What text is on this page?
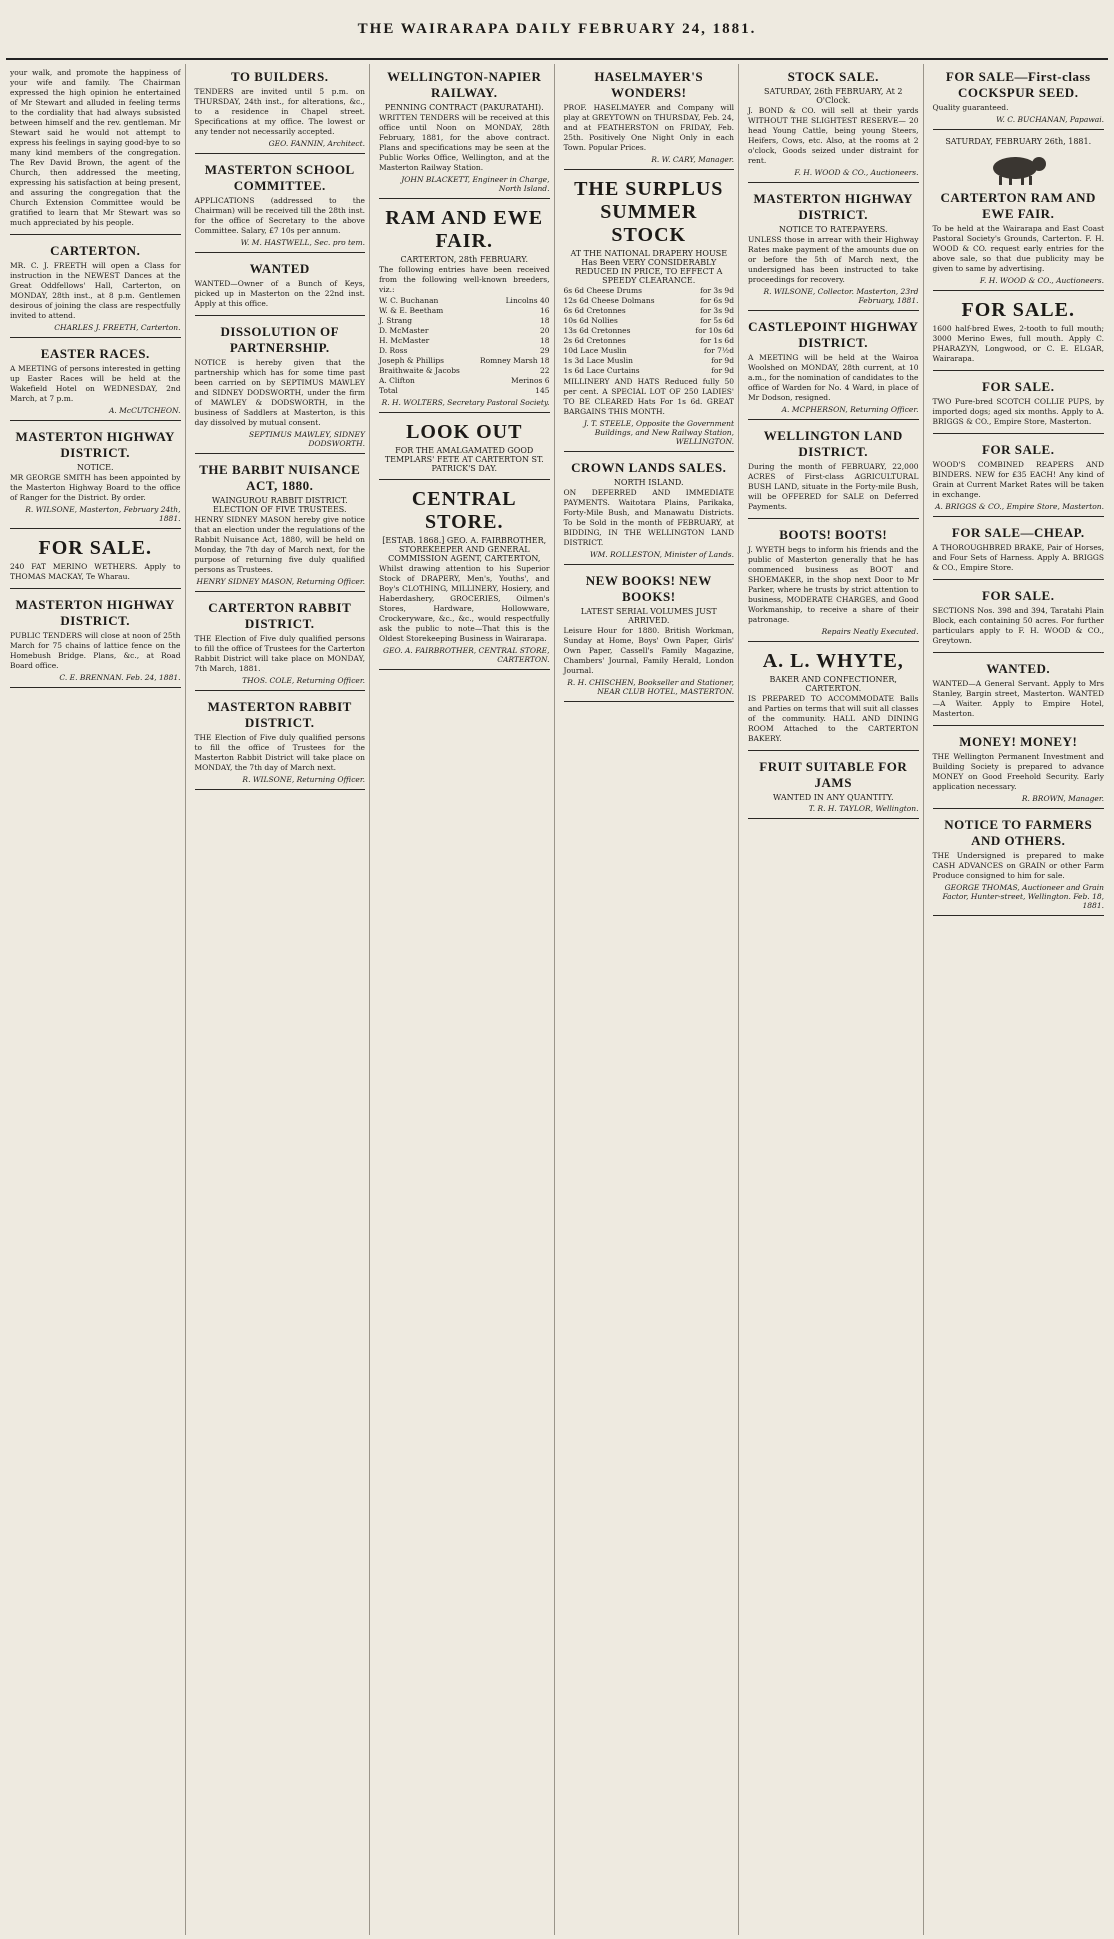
THE WAIRARAPA DAILY FEBRUARY 24, 1881.
your walk, and promote the happiness of your wife and family. The Chairman expressed the high opinion he entertained of Mr Stewart and alluded in feeling terms to the cordiality that had always subsisted between himself and the rev. gentleman. Mr Stewart said he would not attempt to express his feelings in saying good-bye to so many kind members of the congregation. The Rev David Brown, the agent of the Church, then addressed the meeting, expressing his satisfaction at being present, and assuring the congregation that the Church Extension Committee would be gratified to learn that Mr Stewart was so much appreciated by his people.
CARTERTON.
MR. C. J. FREETH will open a Class for instruction in the NEWEST Dances at the Great Oddfellows' Hall, Carterton, on MONDAY, 28th inst., at 8 p.m. Gentlemen desirous of joining the class are respectfully invited to attend.
CHARLES J. FREETH, Carterton.
EASTER RACES.
A MEETING of persons interested in getting up Easter Races will be held at the Wakefield Hotel on WEDNESDAY, 2nd March, at 7 p.m.
A. McCUTCHEON.
MASTERTON HIGHWAY DISTRICT.
NOTICE.
MR GEORGE SMITH has been appointed by the Masterton Highway Board to the office of Ranger for the District. By order.
R. WILSONE, Masterton, February 24th, 1881.
FOR SALE.
240 FAT MERINO WETHERS. Apply to THOMAS MACKAY, Te Wharau.
MASTERTON HIGHWAY DISTRICT.
PUBLIC TENDERS will close at noon of 25th March for 75 chains of lattice fence on the Homebush Bridge. Plans, &c., at Road Board office.
C. E. BRENNAN. Feb. 24, 1881.
TO BUILDERS.
TENDERS are invited until 5 p.m. on THURSDAY, 24th inst., for alterations, &c., to a residence in Chapel street. Specifications at my office. The lowest or any tender not necessarily accepted.
GEO. FANNIN, Architect.
MASTERTON SCHOOL COMMITTEE.
APPLICATIONS (addressed to the Chairman) will be received till the 28th inst. for the office of Secretary to the above Committee. Salary, £7 10s per annum.
W. M. HASTWELL, Sec. pro tem.
WANTED
WANTED—Owner of a Bunch of Keys, picked up in Masterton on the 22nd inst. Apply at this office.
DISSOLUTION OF PARTNERSHIP.
NOTICE is hereby given that the partnership which has for some time past been carried on by SEPTIMUS MAWLEY and SIDNEY DODSWORTH, under the firm of MAWLEY & DODSWORTH, in the business of Saddlers at Masterton, is this day dissolved by mutual consent.
SEPTIMUS MAWLEY, SIDNEY DODSWORTH.
THE BARBIT NUISANCE ACT, 1880.
WAINGUROU RABBIT DISTRICT. ELECTION OF FIVE TRUSTEES.
HENRY SIDNEY MASON hereby give notice that an election under the regulations of the Rabbit Nuisance Act, 1880, will be held on Monday, the 7th day of March next, for the purpose of returning five duly qualified persons as Trustees.
HENRY SIDNEY MASON, Returning Officer.
CARTERTON RABBIT DISTRICT.
THE Election of Five duly qualified persons to fill the office of Trustees for the Carterton Rabbit District will take place on MONDAY, 7th March, 1881.
THOS. COLE, Returning Officer.
MASTERTON RABBIT DISTRICT.
THE Election of Five duly qualified persons to fill the office of Trustees for the Masterton Rabbit District will take place on MONDAY, the 7th day of March next.
R. WILSONE, Returning Officer.
WELLINGTON-NAPIER RAILWAY.
PENNING CONTRACT (PAKURATAHI).
WRITTEN TENDERS will be received at this office until Noon on MONDAY, 28th February, 1881, for the above contract. Plans and specifications may be seen at the Public Works Office, Wellington, and at the Masterton Railway Station.
JOHN BLACKETT, Engineer in Charge, North Island.
RAM AND EWE FAIR.
CARTERTON, 28th FEBRUARY.
The following entries have been received from the following well-known breeders, viz.:
W. C. Buchanan	Lincolns 40
W. & E. Beetham	16
J. Strang	18
D. McMaster	20
H. McMaster	18
D. Ross	29
Joseph & Phillips	Romney Marsh 18
Braithwaite & Jacobs	22
A. Clifton	Merinos 6
Total	145
R. H. WOLTERS, Secretary Pastoral Society.
LOOK OUT
FOR THE AMALGAMATED GOOD TEMPLARS' FETE AT CARTERTON ST. PATRICK'S DAY.
CENTRAL STORE.
[ESTAB. 1868.] GEO. A. FAIRBROTHER, STOREKEEPER AND GENERAL COMMISSION AGENT, CARTERTON,
Whilst drawing attention to his Superior Stock of DRAPERY, Men's, Youths', and Boy's CLOTHING, MILLINERY, Hosiery, and Haberdashery, GROCERIES, Oilmen's Stores, Hardware, Hollowware, Crockeryware, &c., &c., would respectfully ask the public to note—That this is the Oldest Storekeeping Business in Wairarapa.
GEO. A. FAIRBROTHER, CENTRAL STORE, CARTERTON.
HASELMAYER'S WONDERS!
PROF. HASELMAYER and Company will play at GREYTOWN on THURSDAY, Feb. 24, and at FEATHERSTON on FRIDAY, Feb. 25th. Positively One Night Only in each Town. Popular Prices.
R. W. CARY, Manager.
THE SURPLUS SUMMER STOCK
AT THE NATIONAL DRAPERY HOUSE Has Been VERY CONSIDERABLY REDUCED IN PRICE, TO EFFECT A SPEEDY CLEARANCE.
6s 6d Cheese Drums	for 3s 9d
12s 6d Cheese Dolmans	for 6s 9d
6s 6d Cretonnes	for 3s 9d
10s 6d Nollies	for 5s 6d
13s 6d Cretonnes	for 10s 6d
2s 6d Cretonnes	for 1s 6d
10d Lace Muslin	for 7½d
1s 3d Lace Muslin	for 9d
1s 6d Lace Curtains	for 9d
MILLINERY AND HATS Reduced fully 50 per cent. A SPECIAL LOT OF 250 LADIES' TO BE CLEARED Hats For 1s 6d. GREAT BARGAINS THIS MONTH.
J. T. STEELE, Opposite the Government Buildings, and New Railway Station, WELLINGTON.
CROWN LANDS SALES.
NORTH ISLAND.
ON DEFERRED AND IMMEDIATE PAYMENTS. Waitotara Plains, Parikaka, Forty-Mile Bush, and Manawatu Districts. To be Sold in the month of FEBRUARY, at BIDDING, IN THE WELLINGTON LAND DISTRICT.
WM. ROLLESTON, Minister of Lands.
NEW BOOKS! NEW BOOKS!
LATEST SERIAL VOLUMES JUST ARRIVED.
Leisure Hour for 1880. British Workman, Sunday at Home, Boys' Own Paper, Girls' Own Paper, Cassell's Family Magazine, Chambers' Journal, Family Herald, London Journal.
R. H. CHISCHEN, Bookseller and Stationer, NEAR CLUB HOTEL, MASTERTON.
STOCK SALE.
SATURDAY, 26th FEBRUARY, At 2 O'Clock.
J. BOND & CO. will sell at their yards WITHOUT THE SLIGHTEST RESERVE— 20 head Young Cattle, being young Steers, Heifers, Cows, etc. Also, at the rooms at 2 o'clock, Goods seized under distraint for rent.
F. H. WOOD & CO., Auctioneers.
MASTERTON HIGHWAY DISTRICT.
NOTICE TO RATEPAYERS.
UNLESS those in arrear with their Highway Rates make payment of the amounts due on or before the 5th of March next, the undersigned has been instructed to take proceedings for recovery.
R. WILSONE, Collector. Masterton, 23rd February, 1881.
CASTLEPOINT HIGHWAY DISTRICT.
A MEETING will be held at the Wairoa Woolshed on MONDAY, 28th current, at 10 a.m., for the nomination of candidates to the office of Warden for No. 4 Ward, in place of Mr Dodson, resigned.
A. MCPHERSON, Returning Officer.
WELLINGTON LAND DISTRICT.
During the month of FEBRUARY, 22,000 ACRES of First-class AGRICULTURAL BUSH LAND, situate in the Forty-mile Bush, will be OFFERED for SALE on Deferred Payments.
BOOTS! BOOTS!
J. WYETH begs to inform his friends and the public of Masterton generally that he has commenced business as BOOT and SHOEMAKER, in the shop next Door to Mr Parker, where he trusts by strict attention to business, MODERATE CHARGES, and Good Workmanship, to receive a share of their patronage.
Repairs Neatly Executed.
A. L. WHYTE,
BAKER AND CONFECTIONER, CARTERTON.
IS PREPARED TO ACCOMMODATE Balls and Parties on terms that will suit all classes of the community. HALL AND DINING ROOM Attached to the CARTERTON BAKERY.
FRUIT SUITABLE FOR JAMS
WANTED IN ANY QUANTITY.
T. R. H. TAYLOR, Wellington.
FOR SALE—First-class COCKSPUR SEED.
Quality guaranteed.
W. C. BUCHANAN, Papawai.
SATURDAY, FEBRUARY 26th, 1881.
CARTERTON RAM AND EWE FAIR.
To be held at the Wairarapa and East Coast Pastoral Society's Grounds, Carterton. F. H. WOOD & CO. request early entries for the above sale, so that due publicity may be given to same by advertising.
F. H. WOOD & CO., Auctioneers.
FOR SALE.
1600 half-bred Ewes, 2-tooth to full mouth; 3000 Merino Ewes, full mouth. Apply C. PHARAZYN, Longwood, or C. E. ELGAR, Wairarapa.
FOR SALE.
TWO Pure-bred SCOTCH COLLIE PUPS, by imported dogs; aged six months. Apply to A. BRIGGS & CO., Empire Store, Masterton.
FOR SALE.
WOOD'S COMBINED REAPERS AND BINDERS. NEW for £35 EACH! Any kind of Grain at Current Market Rates will be taken in exchange.
A. BRIGGS & CO., Empire Store, Masterton.
FOR SALE—CHEAP.
A THOROUGHBRED BRAKE, Pair of Horses, and Four Sets of Harness. Apply A. BRIGGS & CO., Empire Store.
FOR SALE.
SECTIONS Nos. 398 and 394, Taratahi Plain Block, each containing 50 acres. For further particulars apply to F. H. WOOD & CO., Greytown.
WANTED.
WANTED—A General Servant. Apply to Mrs Stanley, Bargin street, Masterton. WANTED—A Waiter. Apply to Empire Hotel, Masterton.
MONEY! MONEY!
THE Wellington Permanent Investment and Building Society is prepared to advance MONEY on Good Freehold Security. Early application necessary.
R. BROWN, Manager.
NOTICE TO FARMERS AND OTHERS.
THE Undersigned is prepared to make CASH ADVANCES on GRAIN or other Farm Produce consigned to him for sale.
GEORGE THOMAS, Auctioneer and Grain Factor, Hunter-street, Wellington. Feb. 18, 1881.
